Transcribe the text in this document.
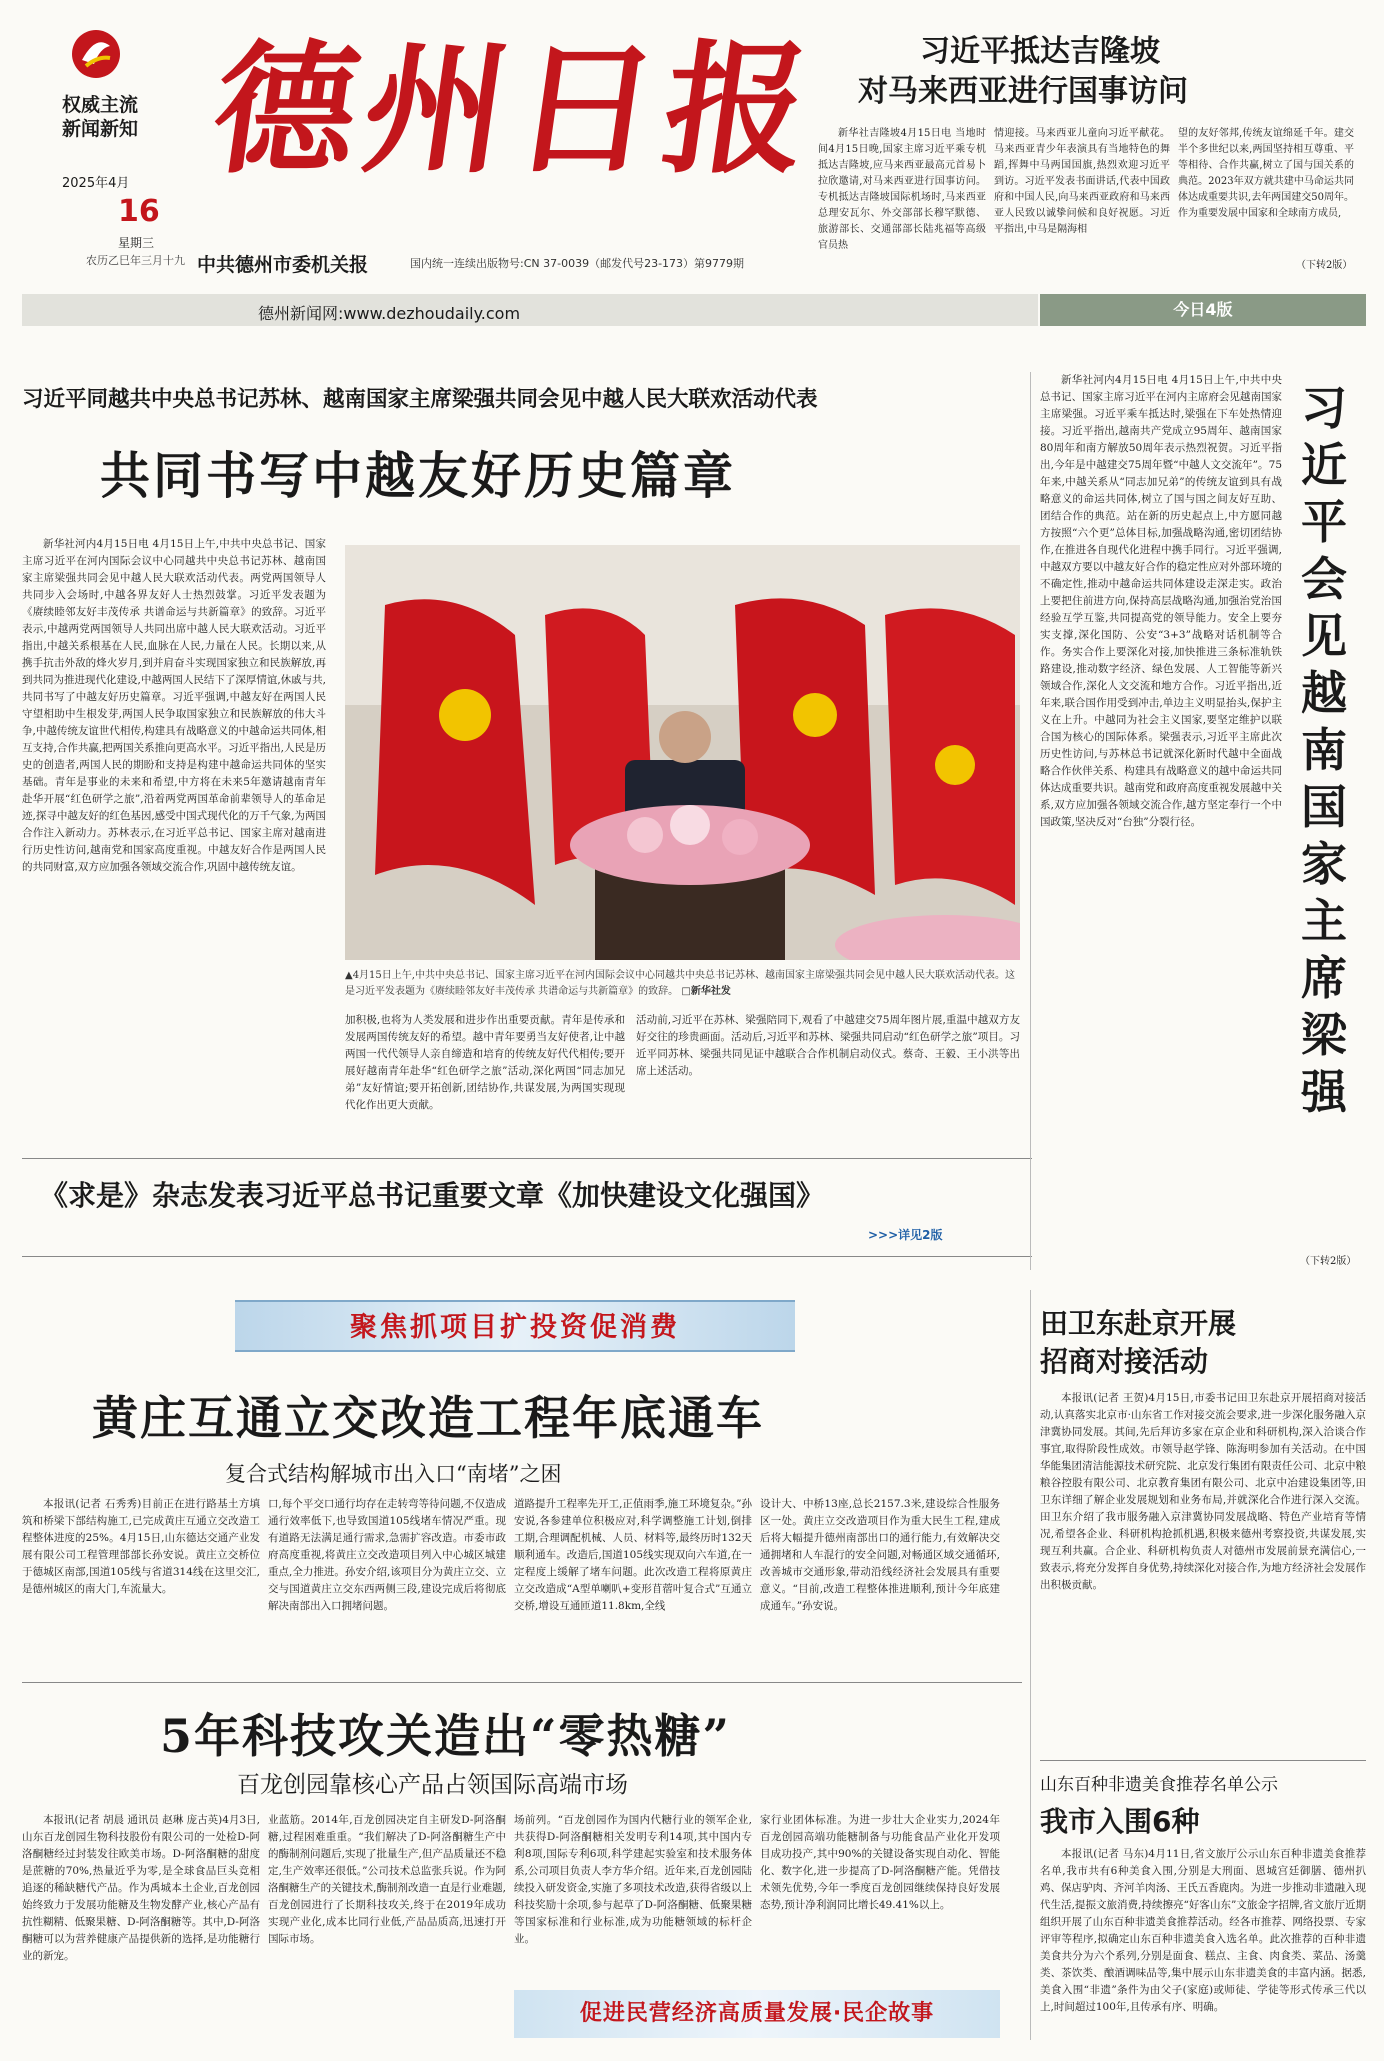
权威主流
新闻新知
2025年4月
16
星期三
农历乙巳年三月十九
德州日报
中共德州市委机关报	国内统一连续出版物号:CN 37-0039（邮发代号23-173）第9779期
习近平抵达吉隆坡
对马来西亚进行国事访问

新华社吉隆坡4月15日电 当地时间4月15日晚,国家主席习近平乘专机抵达吉隆坡,应马来西亚最高元首易卜拉欣邀请,对马来西亚进行国事访问。专机抵达吉隆坡国际机场时,马来西亚总理安瓦尔、外交部部长穆罕默德、旅游部长、交通部部长陆兆福等高级官员热

情迎接。马来西亚儿童向习近平献花。马来西亚青少年表演具有当地特色的舞蹈,挥舞中马两国国旗,热烈欢迎习近平到访。习近平发表书面讲话,代表中国政府和中国人民,向马来西亚政府和马来西亚人民致以诚挚问候和良好祝愿。习近平指出,中马是隔海相

望的友好邻邦,传统友谊绵延千年。建交半个多世纪以来,两国坚持相互尊重、平等相待、合作共赢,树立了国与国关系的典范。2023年双方就共建中马命运共同体达成重要共识,去年两国建交50周年。作为重要发展中国家和全球南方成员,

（下转2版）
德州新闻网:www.dezhoudaily.com	今日4版
习近平同越共中央总书记苏林、越南国家主席梁强共同会见中越人民大联欢活动代表
共同书写中越友好历史篇章

新华社河内4月15日电 4月15日上午,中共中央总书记、国家主席习近平在河内国际会议中心同越共中央总书记苏林、越南国家主席梁强共同会见中越人民大联欢活动代表。两党两国领导人共同步入会场时,中越各界友好人士热烈鼓掌。习近平发表题为《赓续睦邻友好丰茂传承 共谱命运与共新篇章》的致辞。习近平表示,中越两党两国领导人共同出席中越人民大联欢活动。习近平指出,中越关系根基在人民,血脉在人民,力量在人民。长期以来,从携手抗击外敌的烽火岁月,到并肩奋斗实现国家独立和民族解放,再到共同为推进现代化建设,中越两国人民结下了深厚情谊,休戚与共,共同书写了中越友好历史篇章。习近平强调,中越友好在两国人民守望相助中生根发芽,两国人民争取国家独立和民族解放的伟大斗争,中越传统友谊世代相传,构建具有战略意义的中越命运共同体,相互支持,合作共赢,把两国关系推向更高水平。习近平指出,人民是历史的创造者,两国人民的期盼和支持是构建中越命运共同体的坚实基础。青年是事业的未来和希望,中方将在未来5年邀请越南青年赴华开展“红色研学之旅”,沿着两党两国革命前辈领导人的革命足迹,探寻中越友好的红色基因,感受中国式现代化的万千气象,为两国合作注入新动力。苏林表示,在习近平总书记、国家主席对越南进行历史性访问,越南党和国家高度重视。中越友好合作是两国人民的共同财富,双方应加强各领域交流合作,巩固中越传统友谊。

▲4月15日上午,中共中央总书记、国家主席习近平在河内国际会议中心同越共中央总书记苏林、越南国家主席梁强共同会见中越人民大联欢活动代表。这是习近平发表题为《赓续睦邻友好丰茂传承 共谱命运与共新篇章》的致辞。 □新华社发

加积极,也将为人类发展和进步作出重要贡献。青年是传承和发展两国传统友好的希望。越中青年要勇当友好使者,让中越两国一代代领导人亲自缔造和培育的传统友好代代相传;要开展好越南青年赴华“红色研学之旅”活动,深化两国“同志加兄弟”友好情谊;要开拓创新,团结协作,共谋发展,为两国实现现代化作出更大贡献。

活动前,习近平在苏林、梁强陪同下,观看了中越建交75周年图片展,重温中越双方友好交往的珍贵画面。活动后,习近平和苏林、梁强共同启动“红色研学之旅”项目。习近平同苏林、梁强共同见证中越联合合作机制启动仪式。蔡奇、王毅、王小洪等出席上述活动。

《求是》杂志发表习近平总书记重要文章《加快建设文化强国》
>>>详见2版

新华社河内4月15日电 4月15日上午,中共中央总书记、国家主席习近平在河内主席府会见越南国家主席梁强。习近平乘车抵达时,梁强在下车处热情迎接。习近平指出,越南共产党成立95周年、越南国家80周年和南方解放50周年表示热烈祝贺。习近平指出,今年是中越建交75周年暨“中越人文交流年”。75年来,中越关系从“同志加兄弟”的传统友谊到具有战略意义的命运共同体,树立了国与国之间友好互助、团结合作的典范。站在新的历史起点上,中方愿同越方按照“六个更”总体目标,加强战略沟通,密切团结协作,在推进各自现代化进程中携手同行。习近平强调,中越双方要以中越友好合作的稳定性应对外部环境的不确定性,推动中越命运共同体建设走深走实。政治上要把住前进方向,保持高层战略沟通,加强治党治国经验互学互鉴,共同提高党的领导能力。安全上要夯实支撑,深化国防、公安“3+3”战略对话机制等合作。务实合作上要深化对接,加快推进三条标准轨铁路建设,推动数字经济、绿色发展、人工智能等新兴领域合作,深化人文交流和地方合作。习近平指出,近年来,联合国作用受到冲击,单边主义明显抬头,保护主义在上升。中越同为社会主义国家,要坚定维护以联合国为核心的国际体系。梁强表示,习近平主席此次历史性访问,与苏林总书记就深化新时代越中全面战略合作伙伴关系、构建具有战略意义的越中命运共同体达成重要共识。越南党和政府高度重视发展越中关系,双方应加强各领域交流合作,越方坚定奉行一个中国政策,坚决反对“台独”分裂行径。

习近平会见越南国家主席梁强
（下转2版）
聚焦抓项目扩投资促消费
黄庄互通立交改造工程年底通车
复合式结构解城市出入口“南堵”之困

本报讯(记者 石秀秀)目前正在进行路基土方填筑和桥梁下部结构施工,已完成黄庄互通立交改造工程整体进度的25%。4月15日,山东德达交通产业发展有限公司工程管理部部长孙安说。黄庄立交桥位于德城区南部,国道105线与省道314线在这里交汇,是德州城区的南大门,车流量大。

口,每个平交口通行均存在走转弯等待问题,不仅造成通行效率低下,也导致国道105线堵车情况严重。现有道路无法满足通行需求,急需扩容改造。市委市政府高度重视,将黄庄立交改造项目列入中心城区城建重点,全力推进。孙安介绍,该项目分为黄庄立交、立交与国道黄庄立交东西两侧三段,建设完成后将彻底解决南部出入口拥堵问题。

道路提升工程率先开工,正值雨季,施工环境复杂。”孙安说,各参建单位积极应对,科学调整施工计划,倒排工期,合理调配机械、人员、材料等,最终历时132天顺利通车。改造后,国道105线实现双向六车道,在一定程度上缓解了堵车问题。此次改造工程将原黄庄立交改造成“A型单喇叭+变形苜蓿叶复合式”互通立交桥,增设互通匝道11.8km,全线

设计大、中桥13座,总长2157.3米,建设综合性服务区一处。黄庄立交改造项目作为重大民生工程,建成后将大幅提升德州南部出口的通行能力,有效解决交通拥堵和人车混行的安全问题,对畅通区域交通循环,改善城市交通形象,带动沿线经济社会发展具有重要意义。“目前,改造工程整体推进顺利,预计今年底建成通车。”孙安说。

田卫东赴京开展
招商对接活动

本报讯(记者 王贺)4月15日,市委书记田卫东赴京开展招商对接活动,认真落实北京市·山东省工作对接交流会要求,进一步深化服务融入京津冀协同发展。其间,先后拜访多家在京企业和科研机构,深入洽谈合作事宜,取得阶段性成效。市领导赵学锋、陈海明参加有关活动。在中国华能集团清洁能源技术研究院、北京发行集团有限责任公司、北京中粮粮谷控股有限公司、北京教育集团有限公司、北京中冶建设集团等,田卫东详细了解企业发展规划和业务布局,并就深化合作进行深入交流。田卫东介绍了我市服务融入京津冀协同发展战略、特色产业培育等情况,希望各企业、科研机构抢抓机遇,积极来德州考察投资,共谋发展,实现互利共赢。合企业、科研机构负责人对德州市发展前景充满信心,一致表示,将充分发挥自身优势,持续深化对接合作,为地方经济社会发展作出积极贡献。

5年科技攻关造出“零热糖”
百龙创园靠核心产品占领国际高端市场

本报讯(记者 胡晨 通讯员 赵琳 庞古英)4月3日,山东百龙创园生物科技股份有限公司的一处检D-阿洛酮糖经过封装发往欧美市场。D-阿洛酮糖的甜度是蔗糖的70%,热量近乎为零,是全球食品巨头竞相追逐的稀缺糖代产品。作为禹城本土企业,百龙创园始终致力于发展功能糖及生物发酵产业,核心产品有抗性糊精、低聚果糖、D-阿洛酮糖等。其中,D-阿洛酮糖可以为营养健康产品提供新的选择,是功能糖行业的新宠。

业蓝筋。2014年,百龙创园决定自主研发D-阿洛酮糖,过程困难重重。“我们解决了D-阿洛酮糖生产中的酶制剂问题后,实现了批量生产,但产品质量还不稳定,生产效率还很低。”公司技术总监张兵说。作为阿洛酮糖生产的关键技术,酶制剂改造一直是行业难题,百龙创园进行了长期科技攻关,终于在2019年成功实现产业化,成本比同行业低,产品品质高,迅速打开国际市场。

场前列。“百龙创园作为国内代糖行业的领军企业,共获得D-阿洛酮糖相关发明专利14项,其中国内专利8项,国际专利6项,科学建起实验室和技术服务体系,公司项目负责人李方华介绍。近年来,百龙创园陆续投入研发资金,实施了多项技术改造,获得省级以上科技奖励十余项,参与起草了D-阿洛酮糖、低聚果糖等国家标准和行业标准,成为功能糖领域的标杆企业。

家行业团体标准。为进一步壮大企业实力,2024年百龙创园高端功能糖制备与功能食品产业化开发项目成功投产,其中90%的关键设备实现自动化、智能化、数字化,进一步提高了D-阿洛酮糖产能。凭借技术领先优势,今年一季度百龙创园继续保持良好发展态势,预计净利润同比增长49.41%以上。

促进民营经济高质量发展·民企故事
山东百种非遗美食推荐名单公示
我市入围6种

本报讯(记者 马东)4月11日,省文旅厅公示山东百种非遗美食推荐名单,我市共有6种美食入围,分别是大刑面、恩城宫廷御膳、德州扒鸡、保店驴肉、齐河羊肉汤、王氏五香鹿肉。为进一步推动非遗融入现代生活,提振文旅消费,持续擦亮“好客山东”文旅金字招牌,省文旅厅近期组织开展了山东百种非遗美食推荐活动。经各市推荐、网络投票、专家评审等程序,拟确定山东百种非遗美食入选名单。此次推荐的百种非遗美食共分为六个系列,分别是面食、糕点、主食、肉食类、菜品、汤羹类、茶饮类、酿酒调味品等,集中展示山东非遗美食的丰富内涵。据悉,美食入围“非遗”条件为由父子(家庭)或师徒、学徒等形式传承三代以上,时间超过100年,且传承有序、明确。
